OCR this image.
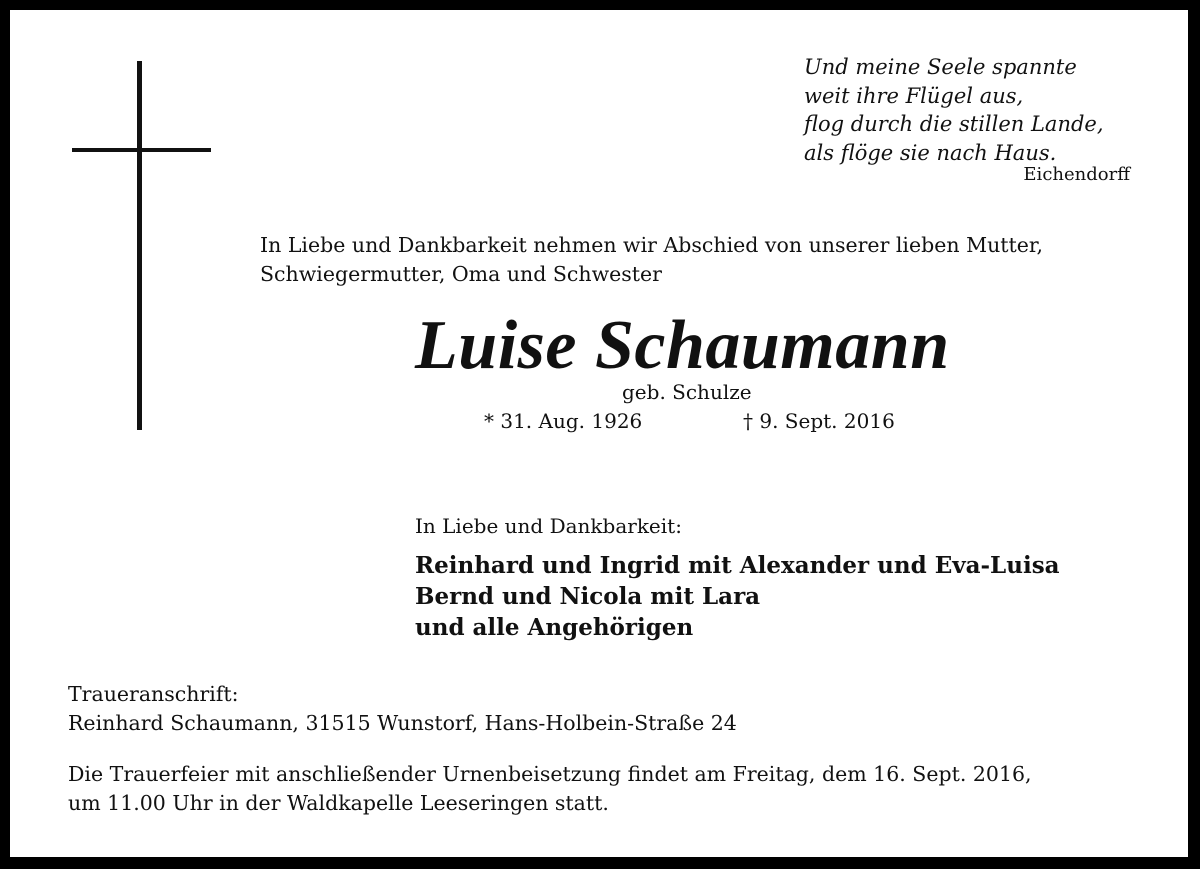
Und meine Seele spannte
weit ihre Flügel aus,
flog durch die stillen Lande,
als flöge sie nach Haus.
Eichendorff
In Liebe und Dankbarkeit nehmen wir Abschied von unserer lieben Mutter,
Schwiegermutter, Oma und Schwester
Luise Schaumann
geb. Schulze
* 31. Aug. 1926	† 9. Sept. 2016
In Liebe und Dankbarkeit:
Reinhard und Ingrid mit Alexander und Eva-Luisa
Bernd und Nicola mit Lara
und alle Angehörigen
Traueranschrift:
Reinhard Schaumann, 31515 Wunstorf, Hans-Holbein-Straße 24
Die Trauerfeier mit anschließender Urnenbeisetzung findet am Freitag, dem 16. Sept. 2016,
um 11.00 Uhr in der Waldkapelle Leeseringen statt.
